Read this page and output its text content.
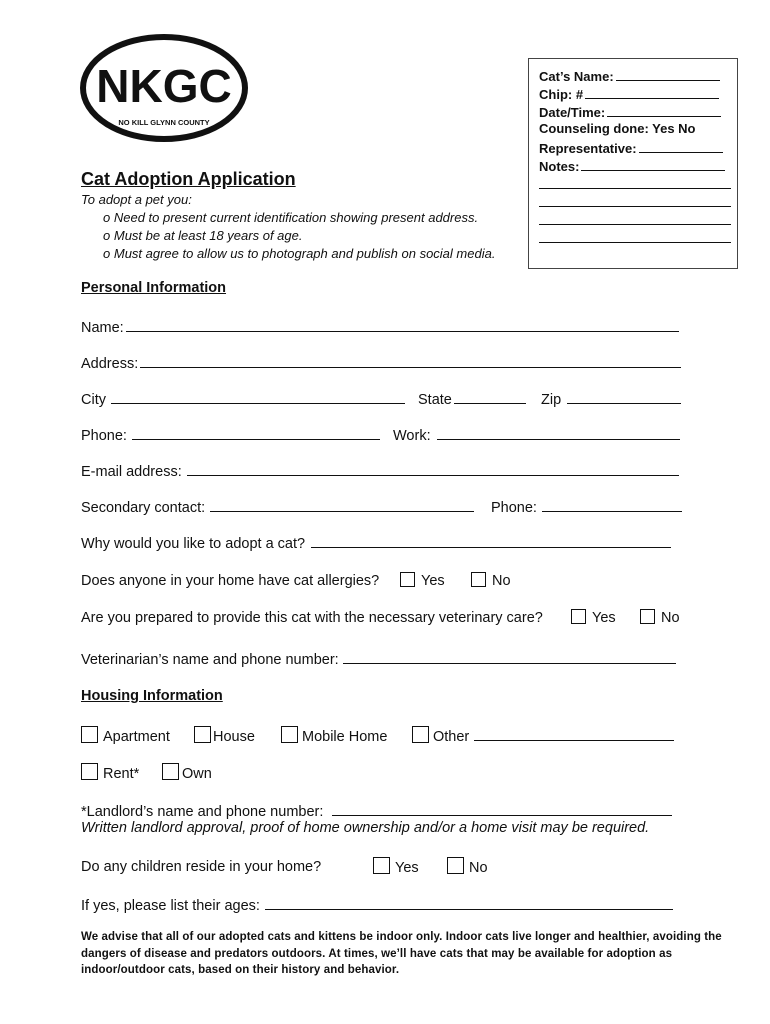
NKGC
NO KILL GLYNN COUNTY
Cat’s Name:
Chip: #
Date/Time:
Counseling done: Yes No
Representative:
Notes:
Cat Adoption Application
To adopt a pet you:
o Need to present current identification showing present address.
o Must be at least 18 years of age.
o Must agree to allow us to photograph and publish on social media.
Personal Information
Name:
Address:
City	State	Zip
Phone:	Work:
E-mail address:
Secondary contact:	Phone:
Why would you like to adopt a cat?
Does anyone in your home have cat allergies?	Yes	No
Are you prepared to provide this cat with the necessary veterinary care?	Yes	No
Veterinarian’s name and phone number:
Housing Information
Apartment	House	Mobile Home	Other
Rent*	Own
*Landlord’s name and phone number:
Written landlord approval, proof of home ownership and/or a home visit may be required.
Do any children reside in your home?	Yes	No
If yes, please list their ages:
We advise that all of our adopted cats and kittens be indoor only. Indoor cats live longer and healthier, avoiding the dangers of disease and predators outdoors. At times, we’ll have cats that may be available for adoption as indoor/outdoor cats, based on their history and behavior.
